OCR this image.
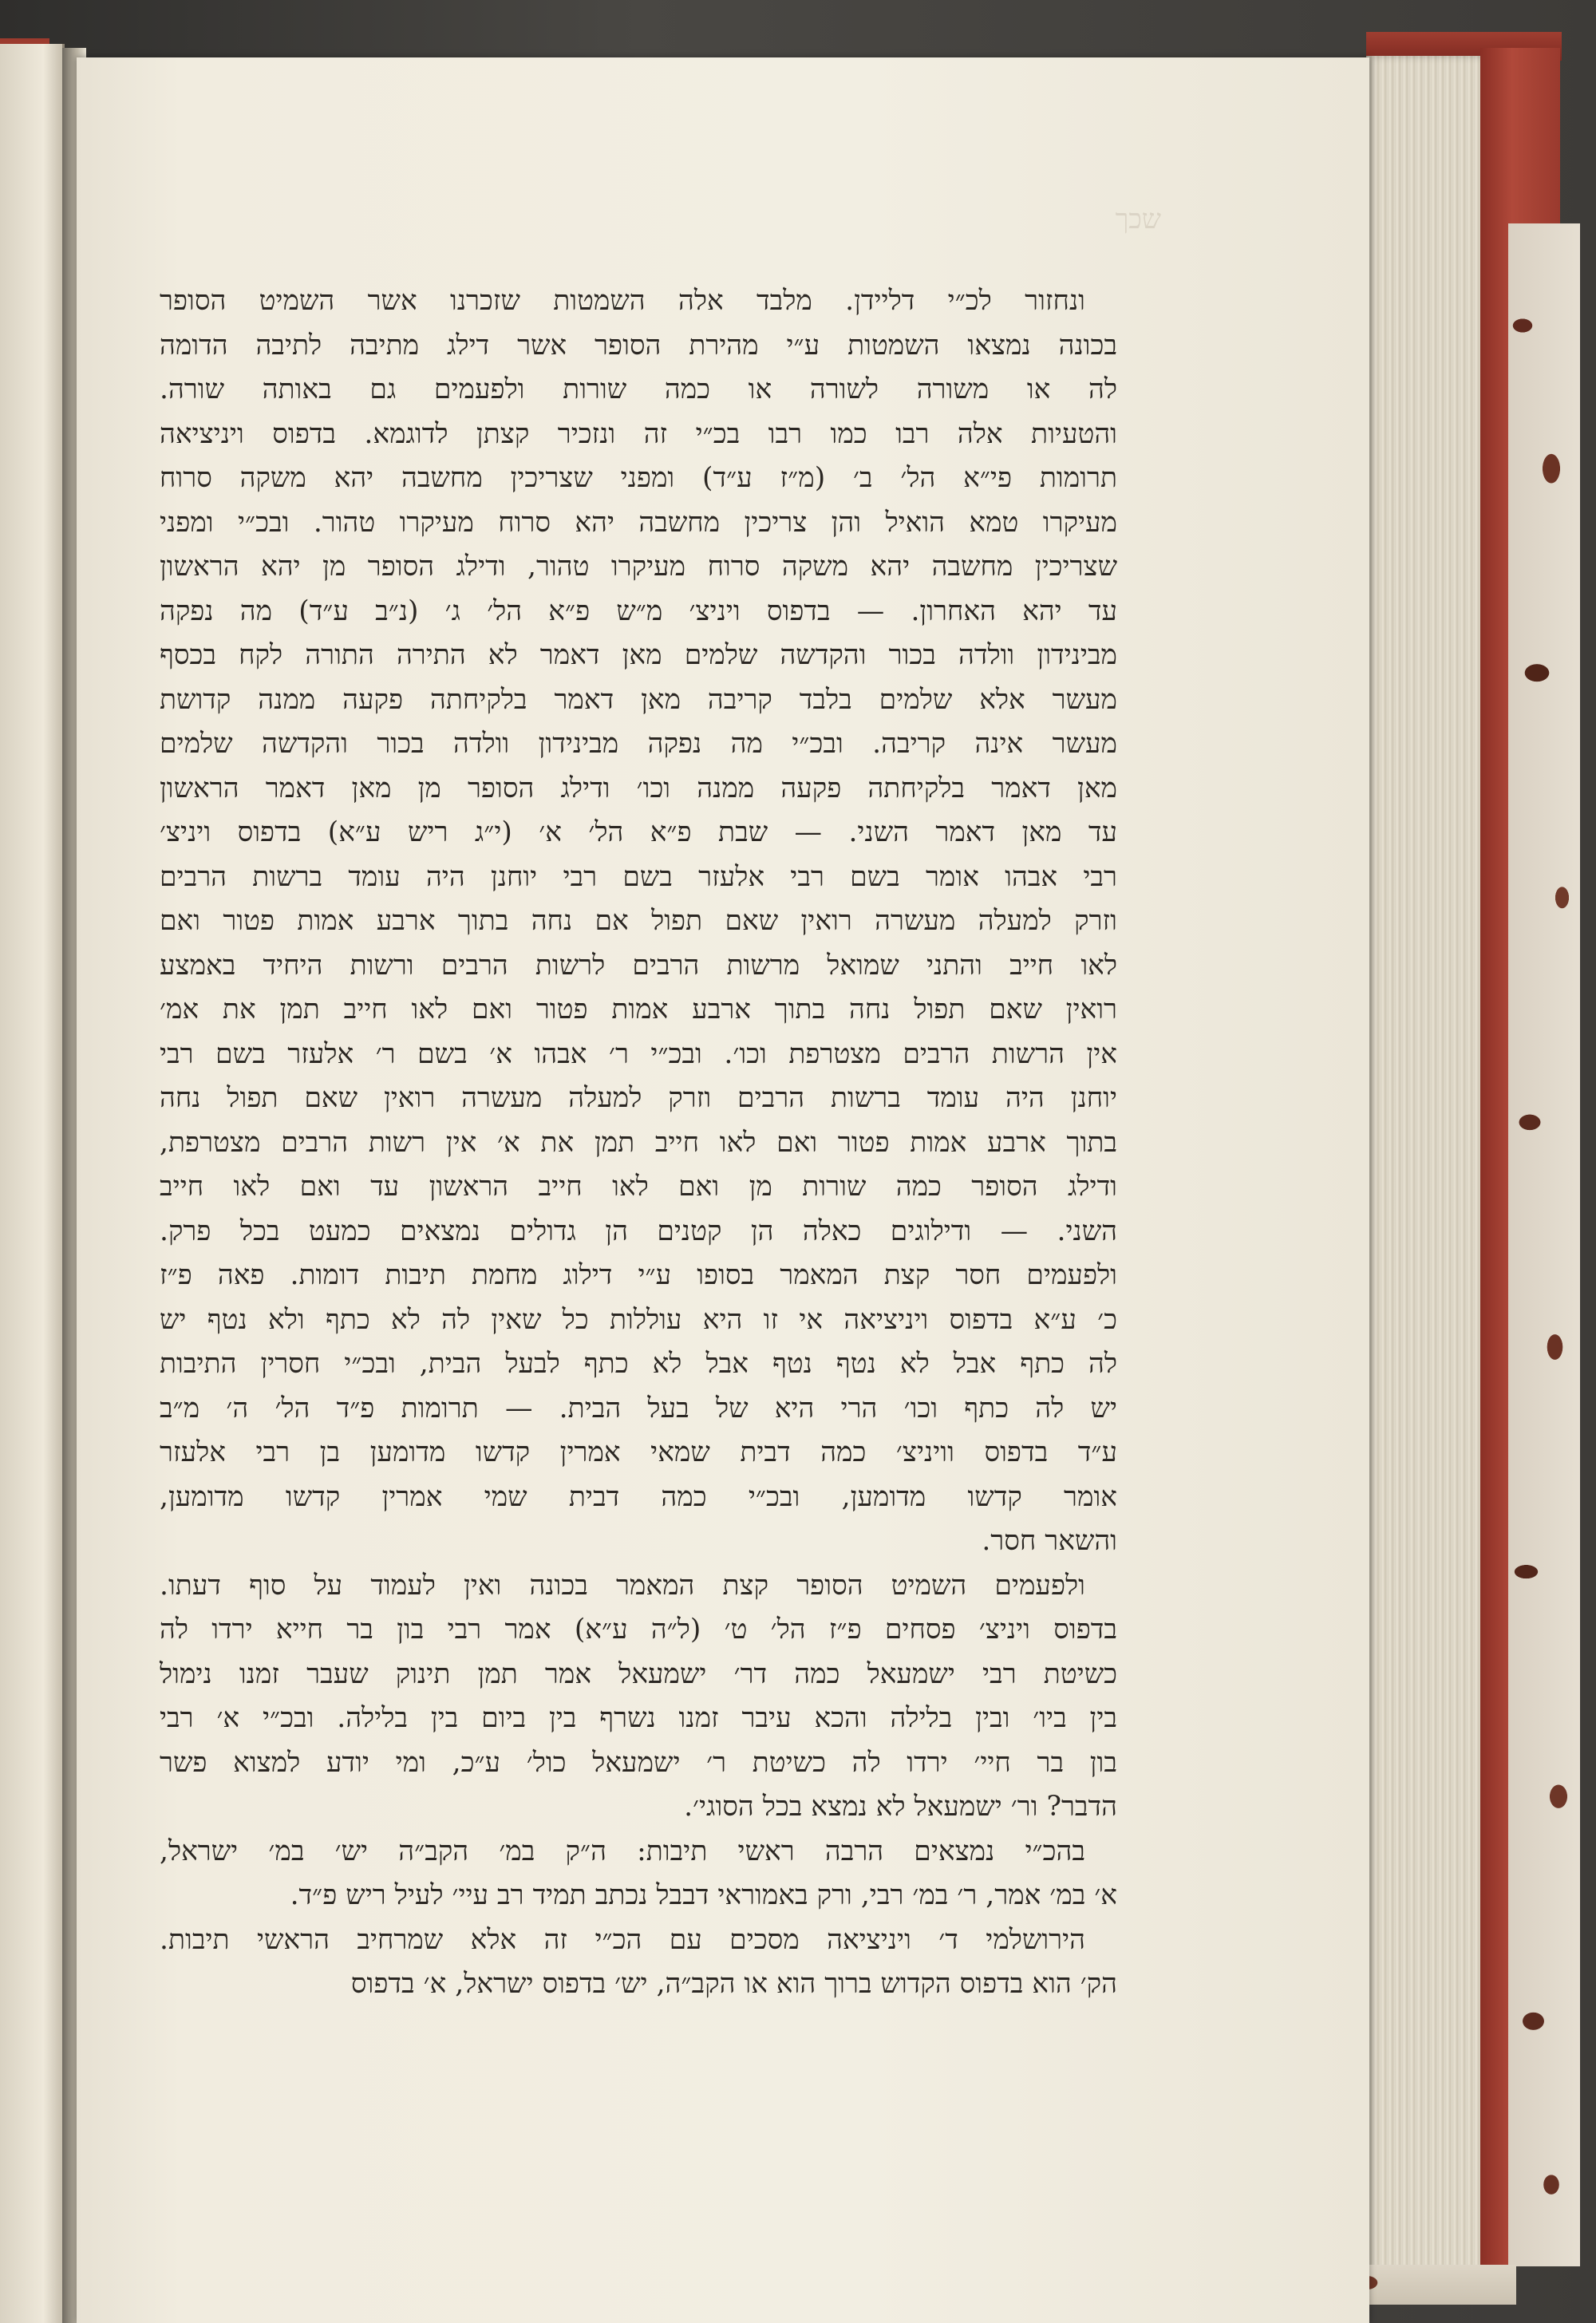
שכך
ונחזור לכ״י דליידן. מלבד אלה השמטות שזכרנו אשר השמיט הסופר
בכונה נמצאו השמטות ע״י מהירת הסופר אשר דילג מתיבה לתיבה הדומה
לה או משורה לשורה או כמה שורות ולפעמים גם באותה שורה.
והטעיות אלה רבו כמו רבו בכ״י זה ונזכיר קצתן לדוגמא. בדפוס ויניציאה
תרומות פי״א הל׳ ב׳ (מ״ז ע״ד) ומפני שצריכין מחשבה יהא משקה סרוח
מעיקרו טמא הואיל והן צריכין מחשבה יהא סרוח מעיקרו טהור. ובכ״י ומפני
שצריכין מחשבה יהא משקה סרוח מעיקרו טהור, ודילג הסופר מן יהא הראשון
עד יהא האחרון. — בדפוס ויניצ׳ מ״ש פ״א הל׳ ג׳ (נ״ב ע״ד) מה נפקה
מבינידון וולדה בכור והקדשה שלמים מאן דאמר לא התירה התורה לקח בכסף
מעשר אלא שלמים בלבד קריבה מאן דאמר בלקיחתה פקעה ממנה קדושת
מעשר אינה קריבה. ובכ״י מה נפקה מבינידון וולדה בכור והקדשה שלמים
מאן דאמר בלקיחתה פקעה ממנה וכו׳ ודילג הסופר מן מאן דאמר הראשון
עד מאן דאמר השני. — שבת פ״א הל׳ א׳ (י״ג ריש ע״א) בדפוס ויניצ׳
רבי אבהו אומר בשם רבי אלעזר בשם רבי יוחנן היה עומד ברשות הרבים
וזרק למעלה מעשרה רואין שאם תפול אם נחה בתוך ארבע אמות פטור ואם
לאו חייב והתני שמואל מרשות הרבים לרשות הרבים ורשות היחיד באמצע
רואין שאם תפול נחה בתוך ארבע אמות פטור ואם לאו חייב תמן את אמ׳
אין הרשות הרבים מצטרפת וכו׳. ובכ״י ר׳ אבהו א׳ בשם ר׳ אלעזר בשם רבי
יוחנן היה עומד ברשות הרבים וזרק למעלה מעשרה רואין שאם תפול נחה
בתוך ארבע אמות פטור ואם לאו חייב תמן את א׳ אין רשות הרבים מצטרפת,
ודילג הסופר כמה שורות מן ואם לאו חייב הראשון עד ואם לאו חייב
השני. — ודילוגים כאלה הן קטנים הן גדולים נמצאים כמעט בכל פרק.
ולפעמים חסר קצת המאמר בסופו ע״י דילוג מחמת תיבות דומות. פאה פ״ז
כ׳ ע״א בדפוס ויניציאה אי זו היא עוללות כל שאין לה לא כתף ולא נטף יש
לה כתף אבל לא נטף נטף אבל לא כתף לבעל הבית, ובכ״י חסרין התיבות
יש לה כתף וכו׳ הרי היא של בעל הבית. — תרומות פ״ד הל׳ ה׳ מ״ב
ע״ד בדפוס וויניצ׳ כמה דבית שמאי אמרין קדשו מדומען בן רבי אלעזר
אומר קדשו מדומען, ובכ״י כמה דבית שמי אמרין קדשו מדומען,
והשאר חסר.
ולפעמים השמיט הסופר קצת המאמר בכונה ואין לעמוד על סוף דעתו.
בדפוס ויניצ׳ פסחים פ״ז הל׳ ט׳ (ל״ה ע״א) אמר רבי בון בר חייא ירדו לה
כשיטת רבי ישמעאל כמה דר׳ ישמעאל אמר תמן תינוק שעבר זמנו נימול
בין ביו׳ ובין בלילה והכא עיבר זמנו נשרף בין ביום בין בלילה. ובכ״י א׳ רבי
בון בר חיי׳ ירדו לה כשיטת ר׳ ישמעאל כול׳ ע״כ, ומי יודע למצוא פשר
הדבר? ור׳ ישמעאל לא נמצא בכל הסוגי׳.
בהכ״י נמצאים הרבה ראשי תיבות: ה״ק במ׳ הקב״ה יש׳ במ׳ ישראל,
א׳ במ׳ אמר, ר׳ במ׳ רבי, ורק באמוראי דבבל נכתב תמיד רב עיי׳ לעיל ריש פ״ד.
הירושלמי ד׳ ויניציאה מסכים עם הכ״י זה אלא שמרחיב הראשי תיבות.
הק׳ הוא בדפוס הקדוש ברוך הוא או הקב״ה, יש׳ בדפוס ישראל, א׳ בדפוס
